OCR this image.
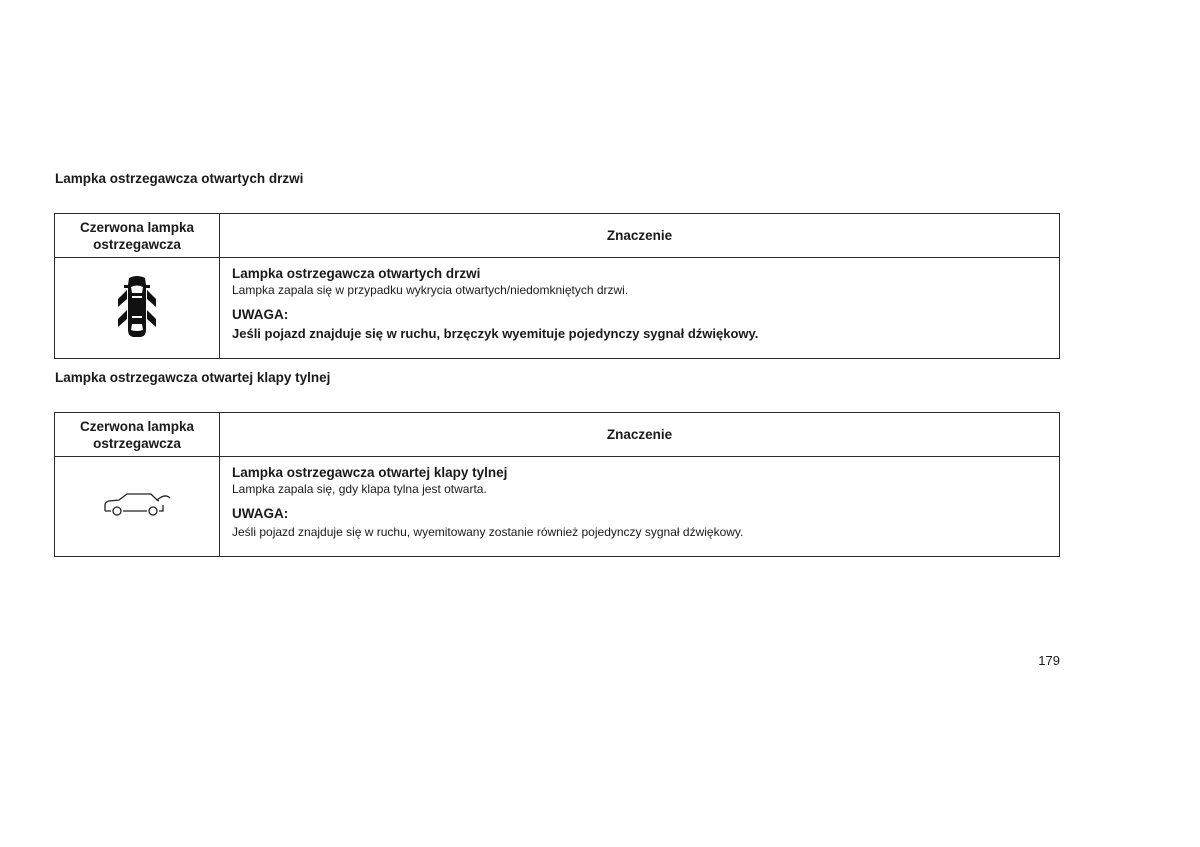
Lampka ostrzegawcza otwartych drzwi
Czerwona lampka ostrzegawcza	Znaczenie

Lampka ostrzegawcza otwartych drzwi
Lampka zapala się w przypadku wykrycia otwartych/niedomkniętych drzwi.
UWAGA:
Jeśli pojazd znajduje się w ruchu, brzęczyk wyemituje pojedynczy sygnał dźwiękowy.
Lampka ostrzegawcza otwartej klapy tylnej
Czerwona lampka ostrzegawcza	Znaczenie

Lampka ostrzegawcza otwartej klapy tylnej
Lampka zapala się, gdy klapa tylna jest otwarta.
UWAGA:
Jeśli pojazd znajduje się w ruchu, wyemitowany zostanie również pojedynczy sygnał dźwiękowy.
179
